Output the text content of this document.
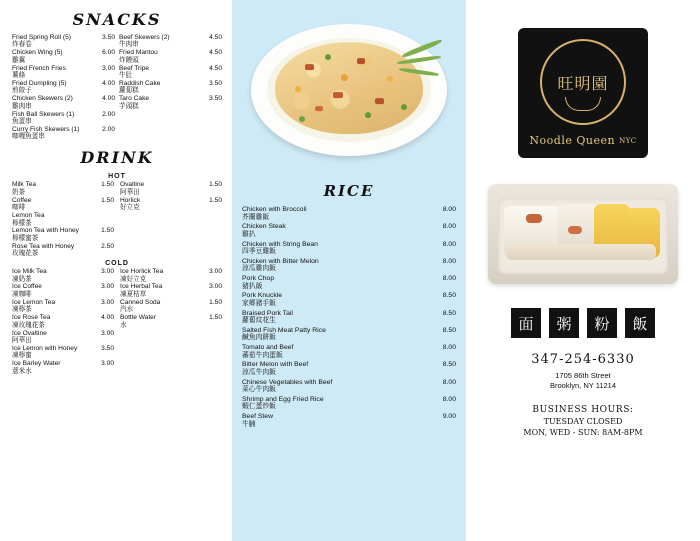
SNACKS
Fried Spring Roll (5)
炸春卷
3.50
Chicken Wing (5)
雞翼
6.00
Fried French Fries
薯條
3.00
Fried Dumpling (5)
煎餃子
4.00
Chicken Skewers (2)
雞肉串
4.00
Fish Ball Skewers (1)
魚蛋串
2.00
Curry Fish Skewers (1)
咖喱魚蛋串
2.00
Beef Skewers (2)
牛肉串
4.50
Fried Mantou
炸饅頭
4.50
Beef Tripe
牛肚
4.50
Raddish Cake
蘿蔔糕
3.50
Taro Cake
芋頭糕
3.50
DRINK
HOT
Milk Tea
奶茶
1.50
Coffee
咖啡
1.50
Lemon Tea
檸檬茶
Lemon Tea with Honey
檸檬蜜茶
1.50
Rose Tea with Honey
玫瑰花茶
2.50
Ovaltine
阿華田
1.50
Horlick
好立克
1.50
COLD
Ice Milk Tea
凍奶茶
3.00
Ice Coffee
凍咖啡
3.00
Ice Lemon Tea
凍檸茶
3.00
Ice Rose Tea
凍玫瑰花茶
4.00
Ice Ovaltine
阿華田
3.00
Ice Lemon with Honey
凍檸蜜
3.50
Ice Barley Water
薏米水
3.00
Ice Horlick Tea
凍好立克
3.00
Ice Herbal Tea
凍夏枯草
3.00
Canned Soda
汽水
1.50
Bottle Water
水
1.50
RICE
Chicken with Broccoli
芥蘭雞飯
8.00
Chicken Steak
雞扒
8.00
Chicken with String Bean
四季豆雞飯
8.00
Chicken with Bitter Melon
涼瓜雞肉飯
8.00
Pork Chop
豬扒飯
8.00
Pork Knuckle
家郷豬手飯
8.50
Braised Pork Tail
蘿蔔炆花生
8.50
Salted Fish Meat Patty Rice
鹹魚肉餅飯
8.50
Tomato and Beef
蕃茄牛肉蛋飯
8.00
Bitter Melon with Beef
涼瓜牛肉飯
8.50
Chinese Vegetables with Beef
菜心牛肉飯
8.00
Shrimp and Egg Fried Rice
蝦仁蛋炒飯
8.00
Beef Stew
牛腩
9.00
旺明園
Noodle Queen NYC
面	粥	粉	飯
347-254-6330
1705 86th Street
Brooklyn, NY 11214
BUSINESS HOURS:
TUESDAY CLOSED
MON, WED - SUN: 8AM-8PM
